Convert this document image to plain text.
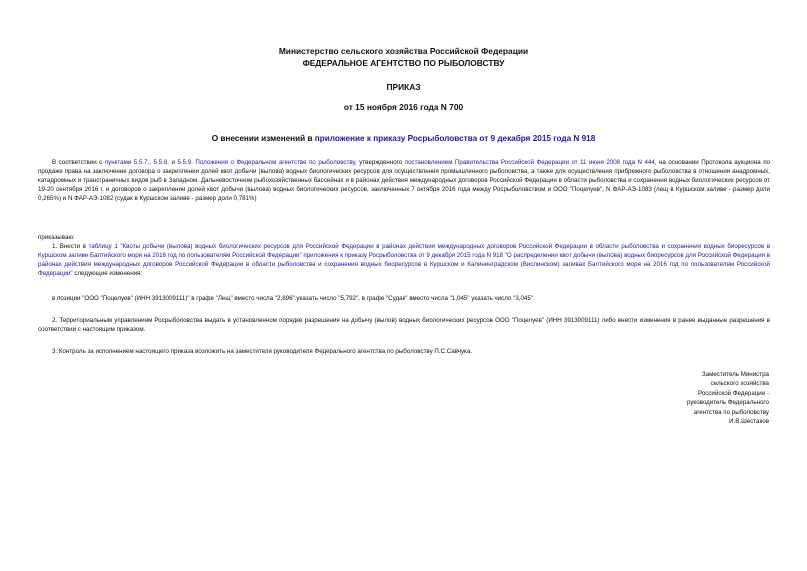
Министерство сельского хозяйства Российской Федерации
ФЕДЕРАЛЬНОЕ АГЕНТСТВО ПО РЫБОЛОВСТВУ
ПРИКАЗ
от 15 ноября 2016 года N 700
О внесении изменений в приложение к приказу Росрыболовства от 9 декабря 2015 года N 918
В соответствии с пунктами 5.5.7., 5.5.8. и 5.5.9. Положения о Федеральном агентстве по рыболовству, утвержденного постановлением Правительства Российской Федерации от 11 июня 2008 года N 444, на основании Протокола аукциона по продаже права на заключение договора о закреплении долей квот добычи (вылова) водных биологических ресурсов для осуществления промышленного рыболовства, а также для осуществления прибрежного рыболовства в отношении анадромных, катадромных и трансграничных видов рыб в Западном, Дальневосточном рыбохозяйственных бассейнах и в районах действия международных договоров Российской Федерации в области рыболовства и сохранения водных биологических ресурсов от 19-20 сентября 2016 г. и договоров о закреплении долей квот добычи (вылова) водных биологических ресурсов, заключенных 7 октября 2016 года между Росрыболовством и ООО "Поцелуев", N ФАР-АЭ-1083 (лещ в Куршском заливе - размер доли 0,265%) и N ФАР-АЭ-1082 (судак в Куршском заливе - размер доли 0,781%)
приказываю:
1. Внести в таблицу 1 "Квоты добычи (вылова) водных биологических ресурсов для Российской Федерации в районах действия международных договоров Российской Федерации в области рыболовства и сохранения водных биоресурсов в Куршском заливе Балтийского моря на 2016 год по пользователям Российской Федерации" приложения к приказу Росрыболовства от 9 декабря 2015 года N 918 "О распределении квот добычи (вылова) водных биоресурсов для Российской Федерации в районах действия международных договоров Российской Федерации в области рыболовства и сохранения водных биоресурсов в Куршском и Калининградском (Вислинском) заливах Балтийского моря на 2016 год по пользователям Российской Федерации" следующие изменения:
в позиции "ООО "Поцелуев" (ИНН 3913009111)" в графе "Лещ" вместо числа "2,896" указать число "5,792", в графе "Судак" вместо числа "1,045" указать число "3,045".
2. Территориальным управлениям Росрыболовства выдать в установленном порядке разрешения на добычу (вылов) водных биологических ресурсов ООО "Поцелуев" (ИНН 3913009111) либо внести изменения в ранее выданные разрешения в соответствии с настоящим приказом.
3. Контроль за исполнением настоящего приказа возложить на заместителя руководителя Федерального агентства по рыболовству П.С.Савчука.
Заместитель Министра
сельского хозяйства
Российской Федерации -
руководитель Федерального
агентства по рыболовству
И.В.Шестаков
